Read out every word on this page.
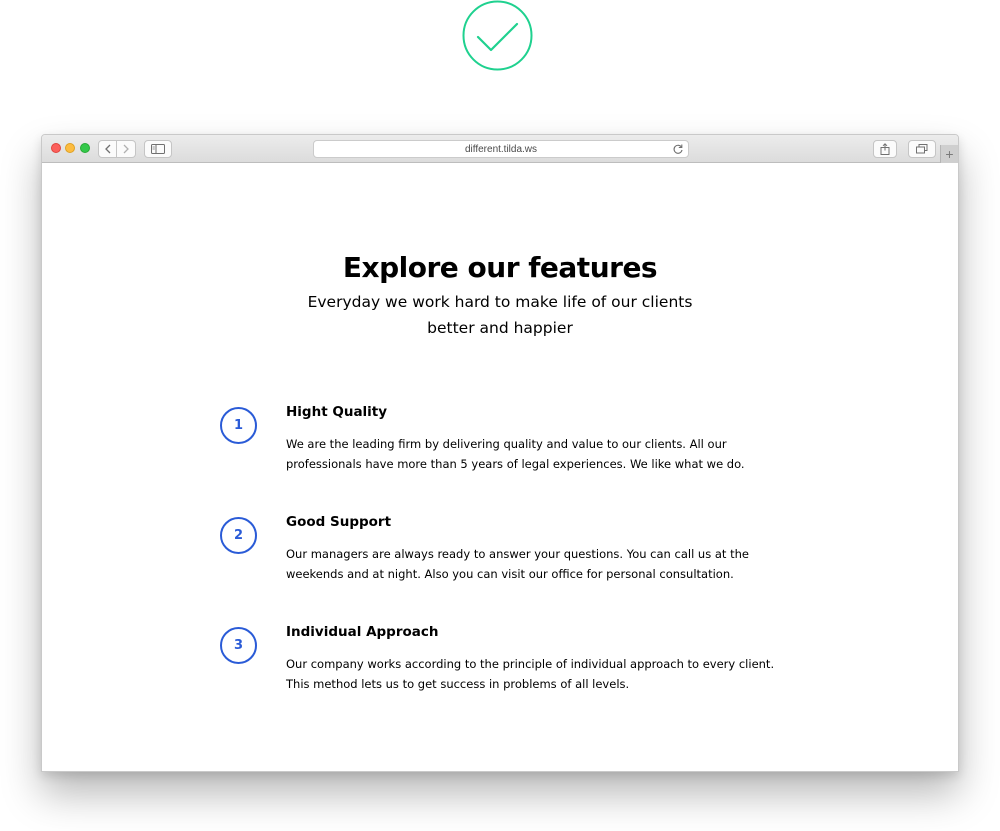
different.tilda.ws	+
Explore our features

Everyday we work hard to make life of our clients better and happier

1
Hight Quality
We are the leading firm by delivering quality and value to our clients. All our professionals have more than 5 years of legal experiences. We like what we do.
2
Good Support
Our managers are always ready to answer your questions. You can call us at the weekends and at night. Also you can visit our office for personal consultation.
3
Individual Approach
Our company works according to the principle of individual approach to every client. This method lets us to get success in problems of all levels.
